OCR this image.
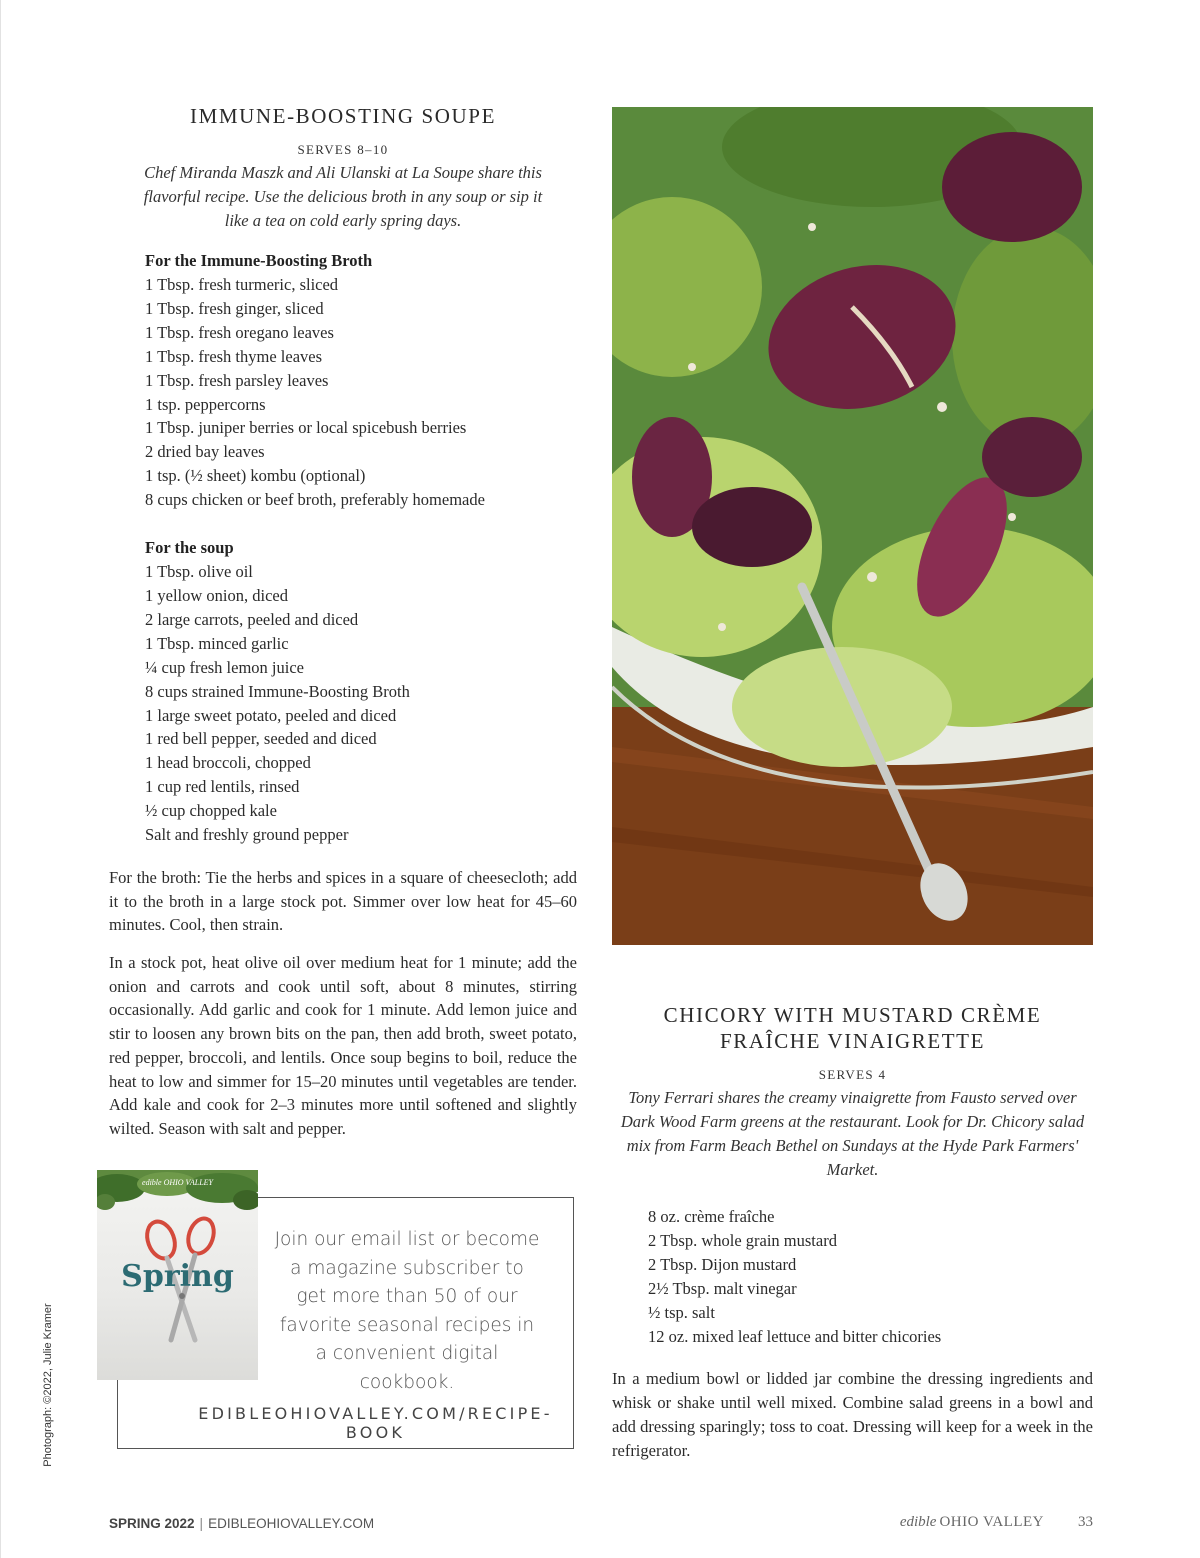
IMMUNE-BOOSTING SOUPE
SERVES 8–10

Chef Miranda Maszk and Ali Ulanski at La Soupe share this flavorful recipe. Use the delicious broth in any soup or sip it like a tea on cold early spring days.

For the Immune-Boosting Broth
1 Tbsp. fresh turmeric, sliced
1 Tbsp. fresh ginger, sliced
1 Tbsp. fresh oregano leaves
1 Tbsp. fresh thyme leaves
1 Tbsp. fresh parsley leaves
1 tsp. peppercorns
1 Tbsp. juniper berries or local spicebush berries
2 dried bay leaves
1 tsp. (½ sheet) kombu (optional)
8 cups chicken or beef broth, preferably homemade
For the soup
1 Tbsp. olive oil
1 yellow onion, diced
2 large carrots, peeled and diced
1 Tbsp. minced garlic
¼ cup fresh lemon juice
8 cups strained Immune-Boosting Broth
1 large sweet potato, peeled and diced
1 red bell pepper, seeded and diced
1 head broccoli, chopped
1 cup red lentils, rinsed
½ cup chopped kale
Salt and freshly ground pepper

For the broth: Tie the herbs and spices in a square of cheesecloth; add it to the broth in a large stock pot. Simmer over low heat for 45–60 minutes. Cool, then strain.

In a stock pot, heat olive oil over medium heat for 1 minute; add the onion and carrots and cook until soft, about 8 minutes, stirring occasionally. Add garlic and cook for 1 minute. Add lemon juice and stir to loosen any brown bits on the pan, then add broth, sweet potato, red pepper, broccoli, and lentils. Once soup begins to boil, reduce the heat to low and simmer for 15–20 minutes until vegetables are tender. Add kale and cook for 2–3 minutes more until softened and slightly wilted. Season with salt and pepper.

Join our email list or become a magazine subscriber to get more than 50 of our favorite seasonal recipes in a convenient digital cookbook.

EDIBLEOHIOVALLEY.COM/RECIPE-BOOK
edible OHIO VALLEY
Spring
Photograph: ©2022, Julie Kramer
CHICORY WITH MUSTARD CRÈME
FRAÎCHE VINAIGRETTE
SERVES 4

Tony Ferrari shares the creamy vinaigrette from Fausto served over Dark Wood Farm greens at the restaurant. Look for Dr. Chicory salad mix from Farm Beach Bethel on Sundays at the Hyde Park Farmers' Market.

8 oz. crème fraîche
2 Tbsp. whole grain mustard
2 Tbsp. Dijon mustard
2½ Tbsp. malt vinegar
½ tsp. salt
12 oz. mixed leaf lettuce and bitter chicories

In a medium bowl or lidded jar combine the dressing ingredients and whisk or shake until well mixed. Combine salad greens in a bowl and add dressing sparingly; toss to coat. Dressing will keep for a week in the refrigerator.

SPRING 2022 | EDIBLEOHIOVALLEY.COM	edible OHIO VALLEY 33
